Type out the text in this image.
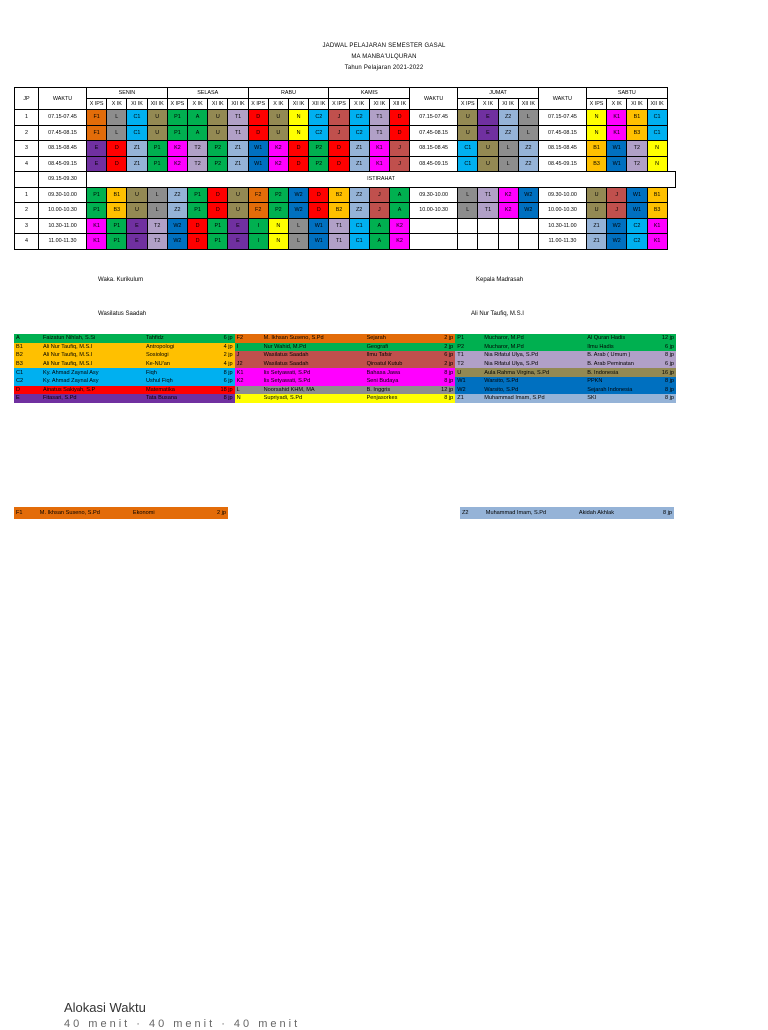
JADWAL PELAJARAN SEMESTER GASAL
MA MANBA'ULQURAN
Tahun Pelajaran 2021-2022
JP	WAKTU	SENIN				SELASA				RABU				KAMIS				WAKTU	JUMAT				WAKTU	SABTU			
		X IPS	X IK	XI IK	XII IK	X IPS	X IK	XI IK	XII IK	X IPS	X IK	XI IK	XII IK	X IPS	X IK	XI IK	XII IK		X IPS	X IK	XI IK	XII IK		X IPS	X IK	XI IK	XII IK
1	07.15-07.45	F1	L	C1	U	P1	A	U	T1	D	U	N	C2	J	C2	T1	D	07.15-07.45	U	E	Z2	L	07.15-07.45	N	K1	B1	C1
2	07.45-08.15	F1	L	C1	U	P1	A	U	T1	D	U	N	C2	J	C2	T1	D	07.45-08.15	U	E	Z2	L	07.45-08.15	N	K1	B3	C1
3	08.15-08.45	E	D	Z1	P1	K2	T2	P2	Z1	W1	K2	D	P2	D	Z1	K1	J	08.15-08.45	C1	U	L	Z2	08.15-08.45	B1	W1	T2	N
4	08.45-09.15	E	D	Z1	P1	K2	T2	P2	Z1	W1	K2	D	P2	D	Z1	K1	J	08.45-09.15	C1	U	L	Z2	08.45-09.15	B3	W1	T2	N
	09.15-09.30	ISTIRAHAT																									
1	09.30-10.00	P1	B1	U	L	Z2	P1	D	U	F2	P2	W2	D	B2	Z2	J	A	09.30-10.00	L	T1	K2	W2	09.30-10.00	U	J	W1	B1
2	10.00-10.30	P1	B3	U	L	Z2	P1	D	U	F2	P2	W2	D	B2	Z2	J	A	10.00-10.30	L	T1	K2	W2	10.00-10.30	U	J	W1	B3
3	10.30-11.00	K1	P1	E	T2	W2	D	P1	E	I	N	L	W1	T1	C1	A	K2						10.30-11.00	Z1	W2	C2	K1
4	11.00-11.30	K1	P1	E	T2	W2	D	P1	E	I	N	L	W1	T1	C1	A	K2						11.00-11.30	Z1	W2	C2	K1
Waka. Kurikulum
Wasilatus Saadah
Kepala Madrasah
Ali Nur Taufiq, M.S.I
A	Faizatun Nihlah, S.Si	Tahfidz	6 jp	F2	M. Ikhsan Suseno, S.Pd	Sejarah	2 jp	P1	Mucharor, M.Pd	Al Quran Hadis	12 jp
B1	Ali Nur Taufiq, M.S.I	Antropologi	4 jp	I	Nur Wahid, M.Pd	Geografi	2 jp	P2	Mucharor, M.Pd	Ilmu Hadis	6 jp
B2	Ali Nur Taufiq, M.S.I	Sosiologi	2 jp	J	Wasilatus Saadah	Ilmu Tafsir	6 jp	T1	Nia Rifatul Ulya, S.Pd	B. Arab ( Umum )	8 jp
B3	Ali Nur Taufiq, M.S.I	Ke-NU'an	4 jp	J2	Wasilatus Saadah	Qiroatul Kutub	2 jp	T2	Nia Rifatul Ulya, S.Pd	B. Arab Peminatan	6 jp
C1	Ky. Ahmad Zaynal Asy	Fiqh	8 jp	K1	Iis Setyawati, S.Pd	Bahasa Jawa	8 jp	U	Aula Rahma Virgina, S.Pd	B. Indonesia	16 jp
C2	Ky. Ahmad Zaynal Asy	Ushul Fiqh	6 jp	K2	Iis Setyawati, S.Pd	Seni Budaya	8 jp	W1	Warsito, S.Pd	PPKN	8 jp
D	Ainatus Sakiyah, S.P	Matematika	18 jp	L	Noorsahid KHM, MA	B. Inggris	12 jp	W2	Warsito, S.Pd	Sejarah Indonesia	8 jp
E	Fitasari, S.Pd	Tata Busana	8 jp	N	Supriyadi, S.Pd	Penjasorkes	8 jp	Z1	Muhammad Imam, S.Pd	SKI	8 jp
F1	M. Ikhsan Suseno, S.Pd	Ekonomi	2 jp	Z2	Muhammad Imam, S.Pd	Akidah Akhlak	8 jp
Alokasi Waktu
40 menit · 40 menit · 40 menit
